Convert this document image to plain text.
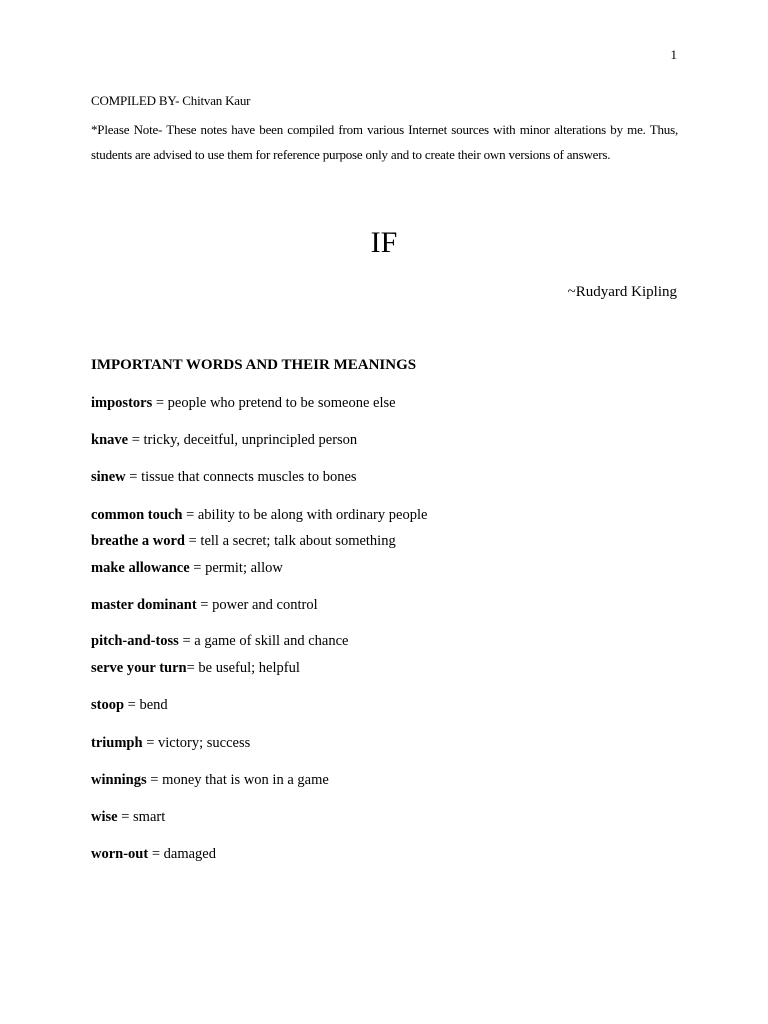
1
COMPILED BY- Chitvan Kaur
*Please Note- These notes have been compiled from various Internet sources with minor alterations by me. Thus, students are advised to use them for reference purpose only and to create their own versions of answers.
IF
~Rudyard Kipling
IMPORTANT WORDS AND THEIR MEANINGS
impostors = people who pretend to be someone else
knave = tricky, deceitful, unprincipled person
sinew = tissue that connects muscles to bones
common touch = ability to be along with ordinary people
breathe a word = tell a secret; talk about something
make allowance = permit; allow
master dominant = power and control
pitch-and-toss = a game of skill and chance
serve your turn= be useful; helpful
stoop = bend
triumph = victory; success
winnings = money that is won in a game
wise = smart
worn-out = damaged
